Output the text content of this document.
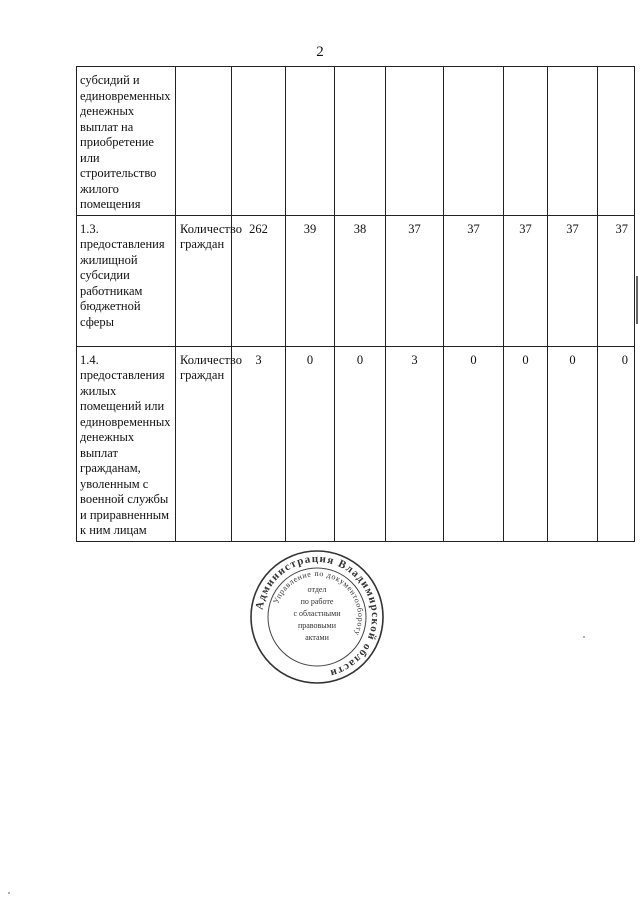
2
субсидий и единовременных денежных выплат на приобретение или строительство жилого помещения									
1.3. предоставления жилищной субсидии работникам бюджетной сферы	Количество граждан	262	39	38	37	37	37	37	37
1.4. предоставления жилых помещений или единовременных денежных выплат гражданам, уволенным с военной службы и приравненным к ним лицам	Количество граждан	3	0	0	3	0	0	0	0
Администрация Владимирской области
Управление по документообороту
отдел
по работе
с областными
правовыми
актами
